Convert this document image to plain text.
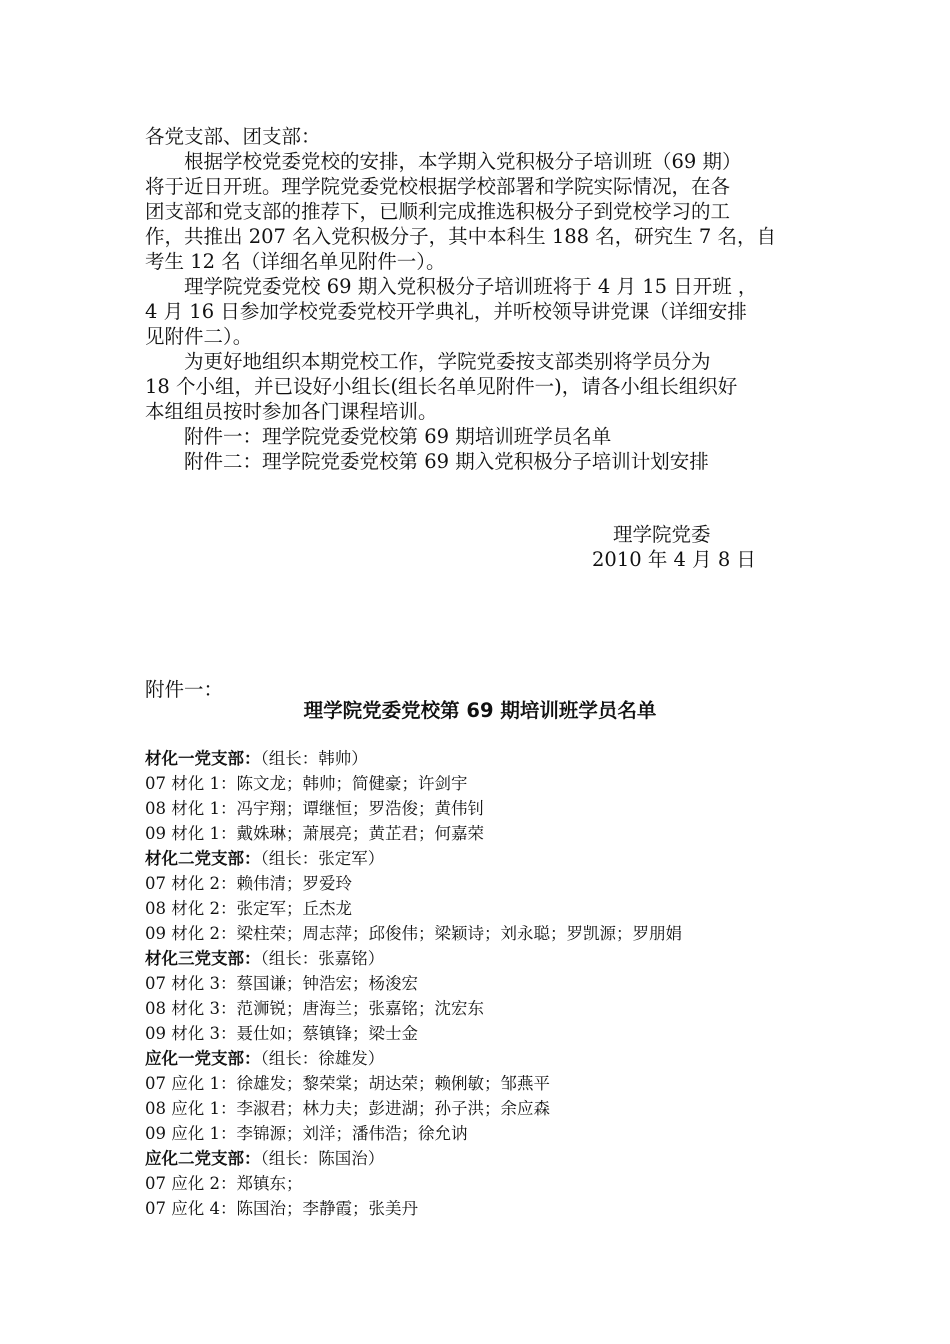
各党支部、团支部：

根据学校党委党校的安排，本学期入党积极分子培训班（69 期）

将于近日开班。理学院党委党校根据学校部署和学院实际情况，在各

团支部和党支部的推荐下，已顺利完成推选积极分子到党校学习的工

作，共推出 207 名入党积极分子，其中本科生 188 名，研究生 7 名，自

考生 12 名（详细名单见附件一）。

理学院党委党校 69 期入党积极分子培训班将于 4 月 15 日开班 ，

4 月 16 日参加学校党委党校开学典礼，并听校领导讲党课（详细安排

见附件二）。

为更好地组织本期党校工作，学院党委按支部类别将学员分为

18 个小组，并已设好小组长(组长名单见附件一)，请各小组长组织好

本组组员按时参加各门课程培训。

附件一：理学院党委党校第 69 期培训班学员名单

附件二：理学院党委党校第 69 期入党积极分子培训计划安排

理学院党委
2010 年 4 月 8 日
附件一：
理学院党委党校第 69 期培训班学员名单
材化一党支部：（组长：韩帅）
07 材化 1：陈文龙；韩帅；简健豪；许剑宇
08 材化 1：冯宇翔；谭继恒；罗浩俊；黄伟钊
09 材化 1：戴姝琳；萧展亮；黄芷君；何嘉荣
材化二党支部：（组长：张定军）
07 材化 2：赖伟清；罗爱玲
08 材化 2：张定军；丘杰龙
09 材化 2：梁柱荣；周志萍；邱俊伟；梁颖诗；刘永聪；罗凯源；罗朋娟
材化三党支部：（组长：张嘉铭）
07 材化 3：蔡国谦；钟浩宏；杨浚宏
08 材化 3：范浉锐；唐海兰；张嘉铭；沈宏东
09 材化 3：聂仕如；蔡镇锋；梁士金
应化一党支部：（组长：徐雄发）
07 应化 1：徐雄发；黎荣棠；胡达荣；赖俐敏；邹燕平
08 应化 1：李淑君；林力夫；彭进湖；孙子洪；余应森
09 应化 1：李锦源；刘洋；潘伟浩；徐允讷
应化二党支部：（组长：陈国治）
07 应化 2：郑镇东；
07 应化 4：陈国治；李静霞；张美丹
